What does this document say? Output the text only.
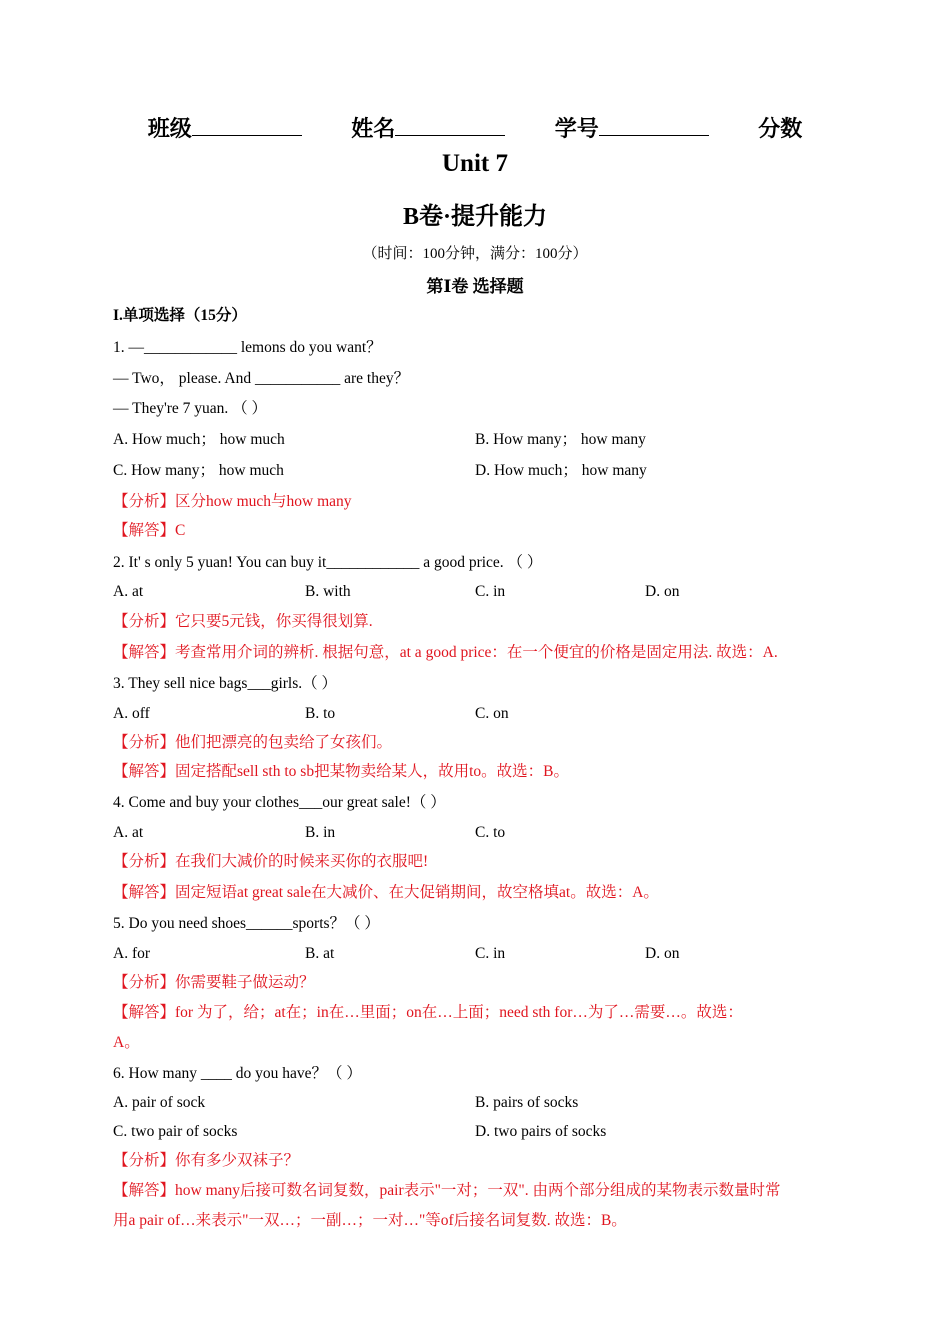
班级	姓名	学号	分数
Unit 7
B卷·提升能力
（时间：100分钟，满分：100分）
第Ⅰ卷 选择题
I.单项选择（15分）
1. —____________ lemons do you want？
— Two， please. And ___________ are they？
— They're 7 yuan. （ ）
A. How much； how much	B. How many； how many
C. How many； how much	D. How much； how many
【分析】区分how much与how many
【解答】C
2. It' s only 5 yuan! You can buy it____________ a good price. （ ）
A. at	B. with	C. in	D. on
【分析】它只要5元钱，你买得很划算.
【解答】考查常用介词的辨析. 根据句意，at a good price：在一个便宜的价格是固定用法. 故选：A.
3. They sell nice bags___girls.（ ）
A. off	B. to	C. on
【分析】他们把漂亮的包卖给了女孩们。
【解答】固定搭配sell sth to sb把某物卖给某人，故用to。故选：B。
4. Come and buy your clothes___our great sale!（ ）
A. at	B. in	C. to
【分析】在我们大减价的时候来买你的衣服吧!
【解答】固定短语at great sale在大减价、在大促销期间，故空格填at。故选：A。
5. Do you need shoes______sports？（ ）
A. for	B. at	C. in	D. on
【分析】你需要鞋子做运动？
【解答】for 为了，给；at在；in在…里面；on在…上面；need sth for…为了…需要…。故选：
A。
6. How many ____ do you have？（ ）
A. pair of sock	B. pairs of socks
C. two pair of socks	D. two pairs of socks
【分析】你有多少双袜子？
【解答】how many后接可数名词复数，pair表示"一对；一双". 由两个部分组成的某物表示数量时常
用a pair of…来表示"一双…；一副…；一对…"等of后接名词复数. 故选：B。
